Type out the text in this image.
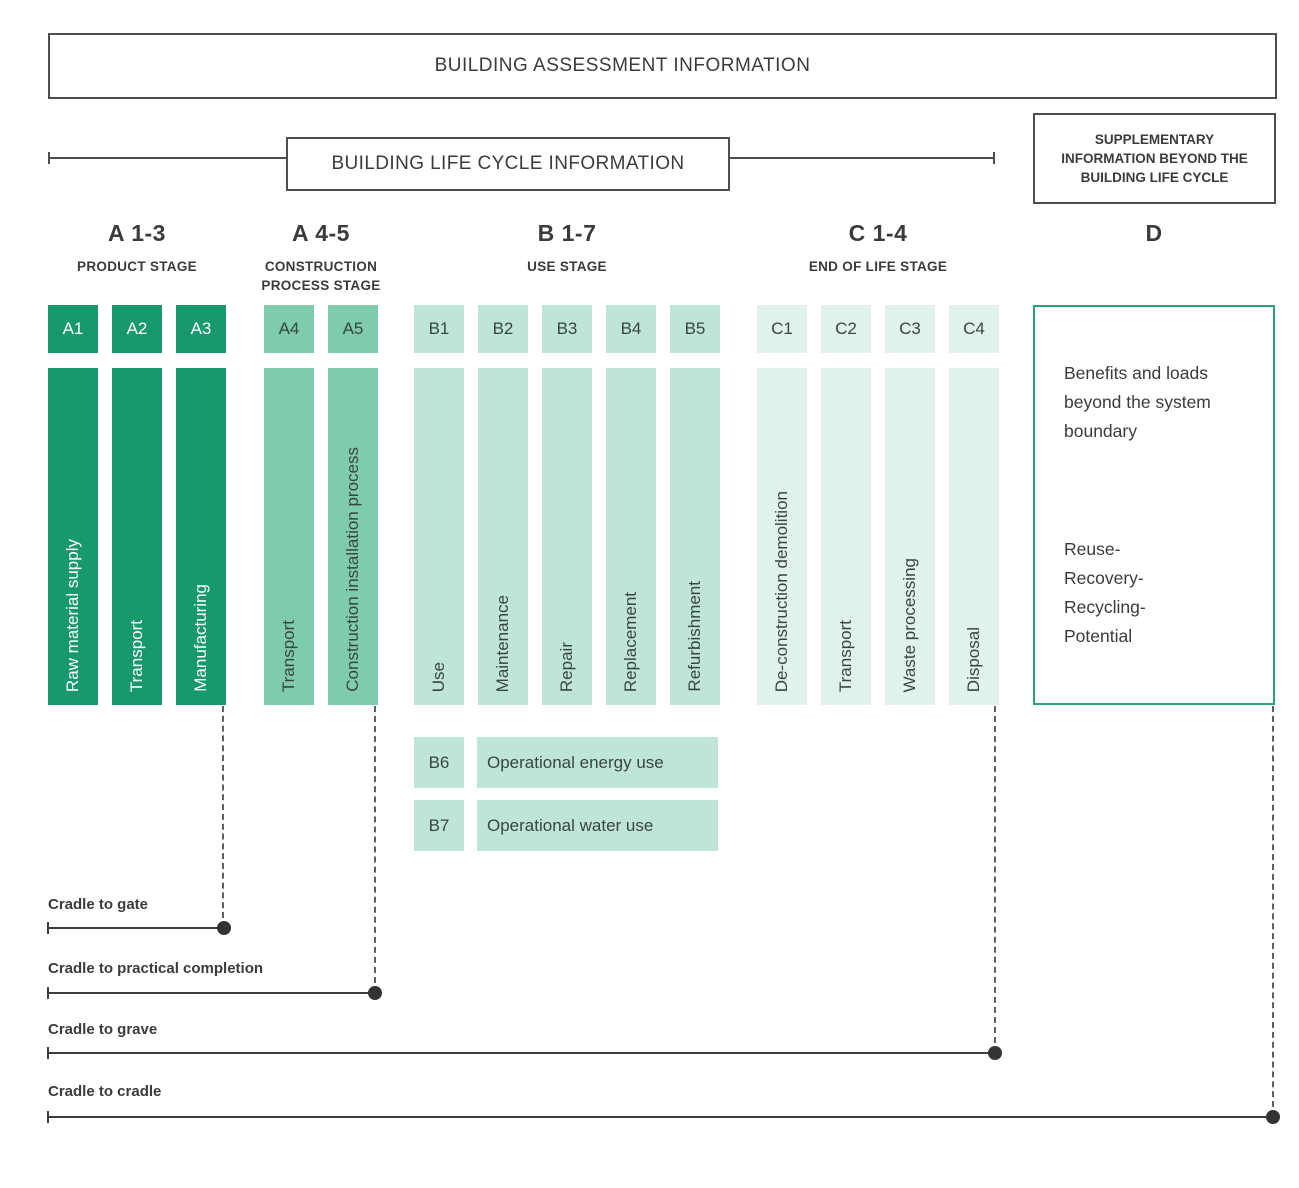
BUILDING ASSESSMENT INFORMATION
BUILDING LIFE CYCLE INFORMATION
SUPPLEMENTARY INFORMATION BEYOND THE BUILDING LIFE CYCLE
A 1-3
PRODUCT STAGE
A 4-5
CONSTRUCTION PROCESS STAGE
B 1-7
USE STAGE
C 1-4
END OF LIFE STAGE
D
A1	A2	A3
Raw material supply	Transport	Manufacturing
A4	A5
Transport	Construction installation process
B1	B2	B3	B4	B5
Use	Maintenance	Repair	Replacement	Refurbishment
C1	C2	C3	C4
De-construction demolition	Transport	Waste processing	Disposal
Benefits and loads beyond the system boundary
Reuse-
Recovery-
Recycling-
Potential
B6	Operational energy use
B7	Operational water use
Cradle to gate
Cradle to practical completion
Cradle to grave
Cradle to cradle
